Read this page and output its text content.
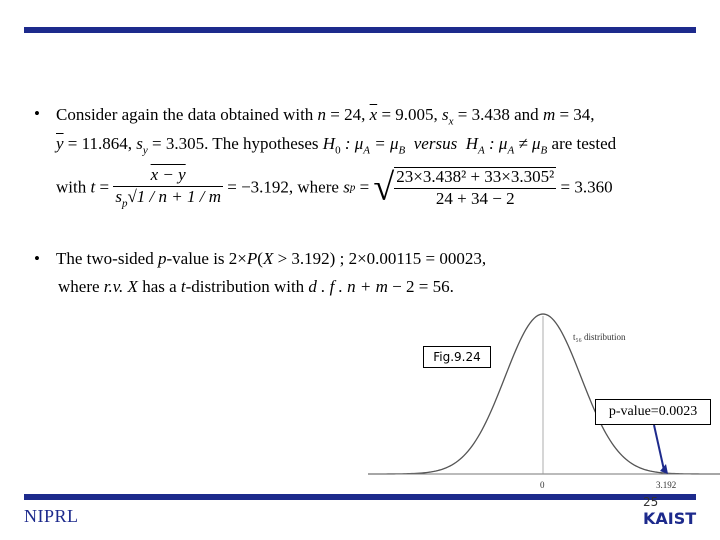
• Consider again the data obtained with n = 24, $\overline{x} = 9.005$, $s_x = 3.438$ and m = 34,
$\overline{y} = 11.864$, $s_y = 3.305$. The hypotheses $H_0$ : $\mu_A = \mu_B$ versus $H_A$ : $\mu_A \ne \mu_B$ are tested
with $t = \frac{x - y}{s_p√1 / n + 1 / m} = -3.192$, where sp = √ $\frac{\text{23×3.438² + 33×3.305²}}{24 + 34 - 2} = 3.360$
• The two-sided p-value is 2×P(X > 3.192) ; 2×0.00115 = 00023,
where r.v. X has a t-distribution with d . f . n + m − 2 = 56.
t₅₆ distribution
0	3.192
Fig.9.24
p-value=0.0023
NIPRL
25
KAIST
